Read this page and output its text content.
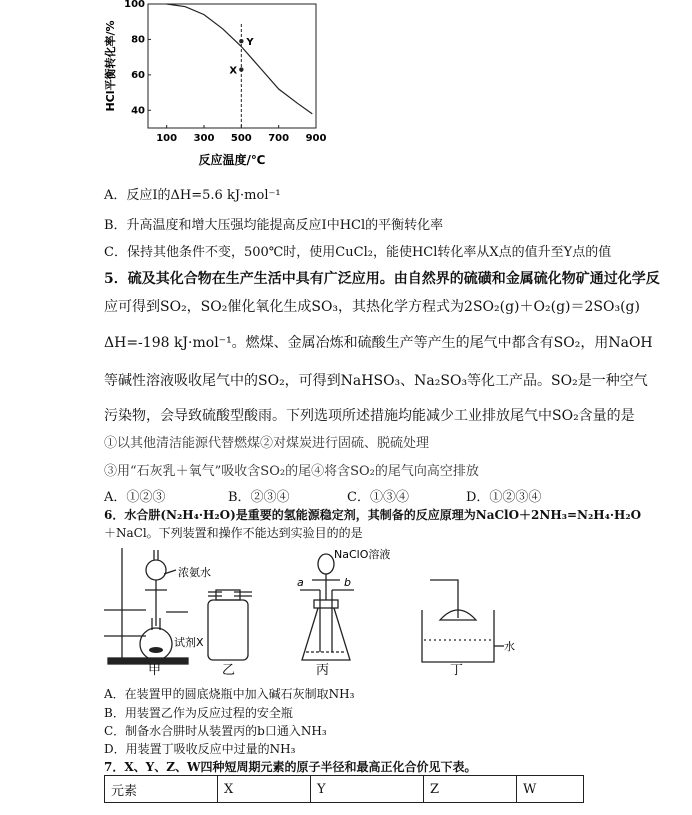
HCl平衡转化率/%
反应温度/℃
100 300 500 700 900
40
60
80
100
Y
X
A．反应Ⅰ的ΔH=5.6 kJ·mol⁻¹
B．升高温度和增大压强均能提高反应Ⅰ中HCl的平衡转化率
C．保持其他条件不变，500℃时，使用CuCl₂，能使HCl转化率从X点的值升至Y点的值
5．硫及其化合物在生产生活中具有广泛应用。由自然界的硫磺和金属硫化物矿通过化学反
应可得到SO₂，SO₂催化氧化生成SO₃，其热化学方程式为2SO₂(g)＋O₂(g)＝2SO₃(g)
ΔH=-198 kJ·mol⁻¹。燃煤、金属冶炼和硫酸生产等产生的尾气中都含有SO₂，用NaOH
等碱性溶液吸收尾气中的SO₂，可得到NaHSO₃、Na₂SO₃等化工产品。SO₂是一种空气
污染物，会导致硫酸型酸雨。下列选项所述措施均能减少工业排放尾气中SO₂含量的是
①以其他清洁能源代替燃煤②对煤炭进行固硫、脱硫处理
③用“石灰乳＋氧气”吸收含SO₂的尾④将含SO₂的尾气向高空排放
A．①②③	B．②③④	C．①③④	D．①②③④
6．水合肼(N₂H₄·H₂O)是重要的氢能源稳定剂，其制备的反应原理为NaClO＋2NH₃=N₂H₄·H₂O
＋NaCl。下列装置和操作不能达到实验目的的是
浓氨水
试剂X
甲	乙
NaClO溶液
a	b
丙
水
丁
A．在装置甲的圆底烧瓶中加入碱石灰制取NH₃
B．用装置乙作为反应过程的安全瓶
C．制备水合肼时从装置丙的b口通入NH₃
D．用装置丁吸收反应中过量的NH₃
7．X、Y、Z、W四种短周期元素的原子半径和最高正化合价见下表。
元素	X	Y	Z	W
